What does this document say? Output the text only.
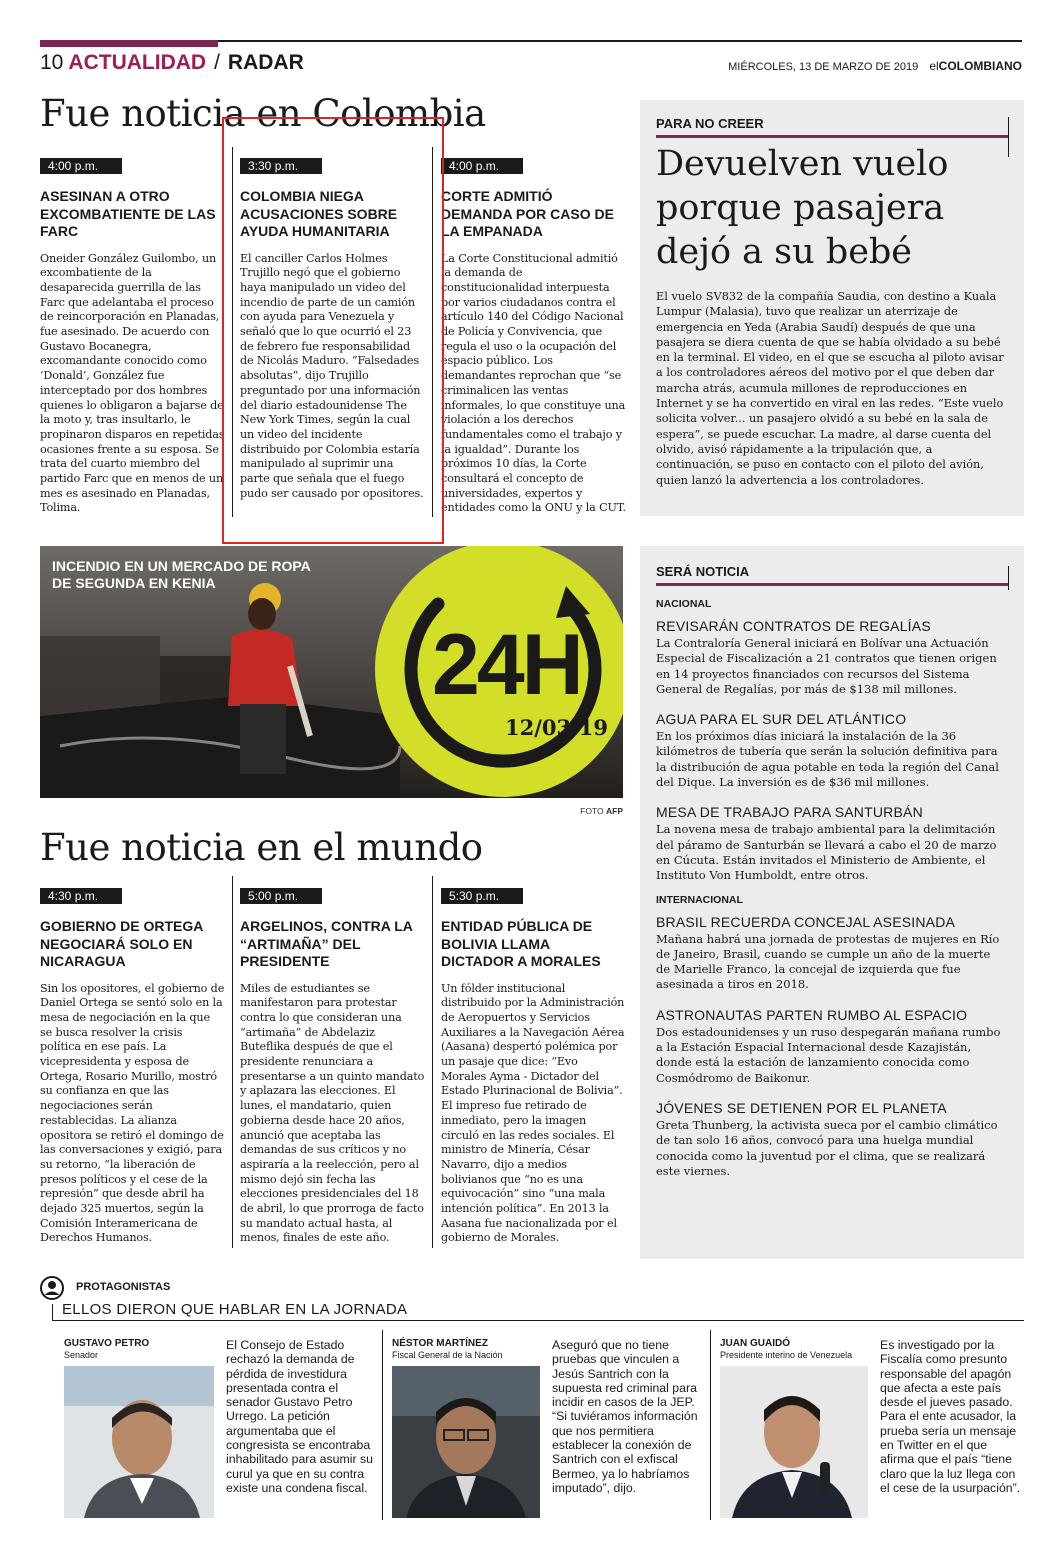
10 ACTUALIDAD / RADAR	MIÉRCOLES, 13 DE MARZO DE 2019 elCOLOMBIANO
Fue noticia en Colombia
4:00 p.m.
ASESINAN A OTRO EXCOMBATIENTE DE LAS FARC
Oneider González Guilombo, un excombatiente de la desaparecida guerrilla de las Farc que adelantaba el proceso de reincorporación en Planadas, fue asesinado. De acuerdo con Gustavo Bocanegra, excomandante conocido como ‘Donald’, González fue interceptado por dos hombres quienes lo obligaron a bajarse de la moto y, tras insultarlo, le propinaron disparos en repetidas ocasiones frente a su esposa. Se trata del cuarto miembro del partido Farc que en menos de un mes es asesinado en Planadas, Tolima.
3:30 p.m.
COLOMBIA NIEGA ACUSACIONES SOBRE AYUDA HUMANITARIA
El canciller Carlos Holmes Trujillo negó que el gobierno haya manipulado un video del incendio de parte de un camión con ayuda para Venezuela y señaló que lo que ocurrió el 23 de febrero fue responsabilidad de Nicolás Maduro. “Falsedades absolutas”, dijo Trujillo preguntado por una información del diario estadounidense The New York Times, según la cual un video del incidente distribuido por Colombia estaría manipulado al suprimir una parte que señala que el fuego pudo ser causado por opositores.
4:00 p.m.
CORTE ADMITIÓ DEMANDA POR CASO DE LA EMPANADA
La Corte Constitucional admitió la demanda de constitucionalidad interpuesta por varios ciudadanos contra el artículo 140 del Código Nacional de Policía y Convivencia, que regula el uso o la ocupación del espacio público. Los demandantes reprochan que “se criminalicen las ventas informales, lo que constituye una violación a los derechos fundamentales como el trabajo y la igualdad”. Durante los próximos 10 días, la Corte consultará el concepto de universidades, expertos y entidades como la ONU y la CUT.
PARA NO CREER
Devuelven vuelo porque pasajera dejó a su bebé
El vuelo SV832 de la compañía Saudia, con destino a Kuala Lumpur (Malasia), tuvo que realizar un aterrizaje de emergencia en Yeda (Arabia Saudí) después de que una pasajera se diera cuenta de que se había olvidado a su bebé en la terminal. El video, en el que se escucha al piloto avisar a los controladores aéreos del motivo por el que deben dar marcha atrás, acumula millones de reproducciones en Internet y se ha convertido en viral en las redes. “Este vuelo solicita volver... un pasajero olvidó a su bebé en la sala de espera”, se puede escuchar. La madre, al darse cuenta del olvido, avisó rápidamente a la tripulación que, a continuación, se puso en contacto con el piloto del avión, quien lanzó la advertencia a los controladores.
INCENDIO EN UN MERCADO DE ROPA
DE SEGUNDA EN KENIA
24H
12/03/19
FOTO AFP
Fue noticia en el mundo
4:30 p.m.
GOBIERNO DE ORTEGA NEGOCIARÁ SOLO EN NICARAGUA
Sin los opositores, el gobierno de Daniel Ortega se sentó solo en la mesa de negociación en la que se busca resolver la crisis política en ese país. La vicepresidenta y esposa de Ortega, Rosario Murillo, mostró su confianza en que las negociaciones serán restablecidas. La alianza opositora se retiró el domingo de las conversaciones y exigió, para su retorno, “la liberación de presos políticos y el cese de la represión” que desde abril ha dejado 325 muertos, según la Comisión Interamericana de Derechos Humanos.
5:00 p.m.
ARGELINOS, CONTRA LA “ARTIMAÑA” DEL PRESIDENTE
Miles de estudiantes se manifestaron para protestar contra lo que consideran una “artimaña” de Abdelaziz Buteflika después de que el presidente renunciara a presentarse a un quinto mandato y aplazara las elecciones. El lunes, el mandatario, quien gobierna desde hace 20 años, anunció que aceptaba las demandas de sus críticos y no aspiraría a la reelección, pero al mismo dejó sin fecha las elecciones presidenciales del 18 de abril, lo que prorroga de facto su mandato actual hasta, al menos, finales de este año.
5:30 p.m.
ENTIDAD PÚBLICA DE BOLIVIA LLAMA DICTADOR A MORALES
Un fólder institucional distribuido por la Administración de Aeropuertos y Servicios Auxiliares a la Navegación Aérea (Aasana) despertó polémica por un pasaje que dice: “Evo Morales Ayma - Dictador del Estado Plurinacional de Bolivia”. El impreso fue retirado de inmediato, pero la imagen circuló en las redes sociales. El ministro de Minería, César Navarro, dijo a medios bolivianos que “no es una equivocación” sino “una mala intención política”. En 2013 la Aasana fue nacionalizada por el gobierno de Morales.
SERÁ NOTICIA
NACIONAL
REVISARÁN CONTRATOS DE REGALÍAS
La Contraloría General iniciará en Bolívar una Actuación Especial de Fiscalización a 21 contratos que tienen origen en 14 proyectos financiados con recursos del Sistema General de Regalías, por más de $138 mil millones.
AGUA PARA EL SUR DEL ATLÁNTICO
En los próximos días iniciará la instalación de la 36 kilómetros de tubería que serán la solución definitiva para la distribución de agua potable en toda la región del Canal del Dique. La inversión es de $36 mil millones.
MESA DE TRABAJO PARA SANTURBÁN
La novena mesa de trabajo ambiental para la delimitación del páramo de Santurbán se llevará a cabo el 20 de marzo en Cúcuta. Están invitados el Ministerio de Ambiente, el Instituto Von Humboldt, entre otros.
INTERNACIONAL
BRASIL RECUERDA CONCEJAL ASESINADA
Mañana habrá una jornada de protestas de mujeres en Río de Janeiro, Brasil, cuando se cumple un año de la muerte de Marielle Franco, la concejal de izquierda que fue asesinada a tiros en 2018.
ASTRONAUTAS PARTEN RUMBO AL ESPACIO
Dos estadounidenses y un ruso despegarán mañana rumbo a la Estación Espacial Internacional desde Kazajistán, donde está la estación de lanzamiento conocida como Cosmódromo de Baikonur.
JÓVENES SE DETIENEN POR EL PLANETA
Greta Thunberg, la activista sueca por el cambio climático de tan solo 16 años, convocó para una huelga mundial conocida como la juventud por el clima, que se realizará este viernes.
PROTAGONISTAS
ELLOS DIERON QUE HABLAR EN LA JORNADA
GUSTAVO PETRO
Senador
El Consejo de Estado rechazó la demanda de pérdida de investidura presentada contra el senador Gustavo Petro Urrego. La petición argumentaba que el congresista se encontraba inhabilitado para asumir su curul ya que en su contra existe una condena fiscal.
NÉSTOR MARTÍNEZ
Fiscal General de la Nación
Aseguró que no tiene pruebas que vinculen a Jesús Santrich con la supuesta red criminal para incidir en casos de la JEP. “Si tuviéramos información que nos permitiera establecer la conexión de Santrich con el exfiscal Bermeo, ya lo habríamos imputado”, dijo.
JUAN GUAIDÓ
Presidente interino de Venezuela
Es investigado por la Fiscalía como presunto responsable del apagón que afecta a este país desde el jueves pasado. Para el ente acusador, la prueba sería un mensaje en Twitter en el que afirma que el país “tiene claro que la luz llega con el cese de la usurpación”.
